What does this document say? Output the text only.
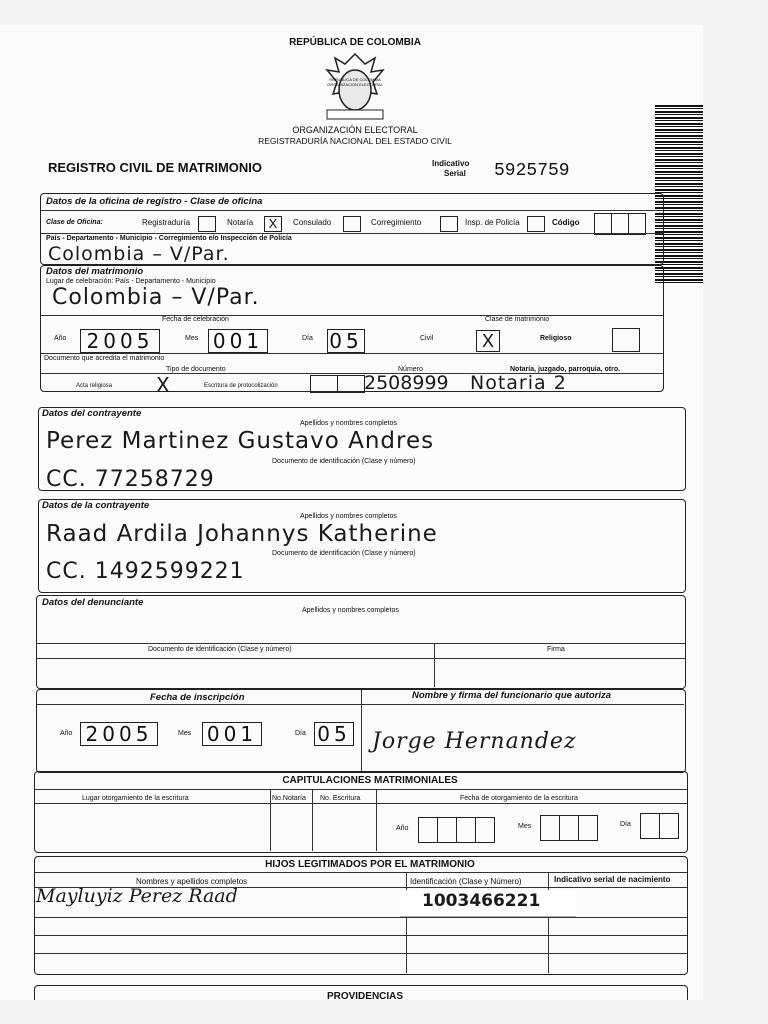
REPÚBLICA DE COLOMBIA
REPUBLICA DE COLOMBIA ORGANIZACION ELECTORAL
ORGANIZACIÓN ELECTORAL
REGISTRADURÍA NACIONAL DEL ESTADO CIVIL
REGISTRO CIVIL DE MATRIMONIO	Indicativo
Serial 5925759
Datos de la oficina de registro - Clase de oficina
Clase de Oficina:	Registraduría	Notaría	X	Consulado	Corregimiento	Insp. de Policía	Código
País - Departamento - Municipio - Corregimiento e/o Inspección de Policía
Colombia – V/Par.
Datos del matrimonio
Lugar de celebración: País - Departamento - Municipio
Colombia – V/Par.
Fecha de celebración	Clase de matrimonio
Año	2005	Mes 001	Día 05	Civil	X	Religioso
Documento que acredita el matrimonio
Tipo de documento	Número	Notaría, juzgado, parroquia, otro.
Acta religiosa X	Escritura de protocolización	2508999 Notaria 2
Datos del contrayente
Apellidos y nombres completos
Perez Martinez Gustavo Andres
Documento de identificación (Clase y número)
CC. 77258729
Datos de la contrayente
Apellidos y nombres completos
Raad Ardila Johannys Katherine
Documento de identificación (Clase y número)
CC. 1492599221
Datos del denunciante
Apellidos y nombres completos
Documento de identificación (Clase y número)	Firma
Fecha de inscripción
Año 2005	Mes 001	Día 05
Nombre y firma del funcionario que autoriza
Jorge Hernandez
CAPITULACIONES MATRIMONIALES
Lugar otorgamiento de la escritura	No.Notaría No. Escritura	Fecha de otorgamiento de la escritura
Año	Mes	Día
HIJOS LEGITIMADOS POR EL MATRIMONIO
Nombres y apellidos completos	Identificación (Clase y Número)	Indicativo serial de nacimiento
Mayluyiz Perez Raad	1003466221
PROVIDENCIAS
